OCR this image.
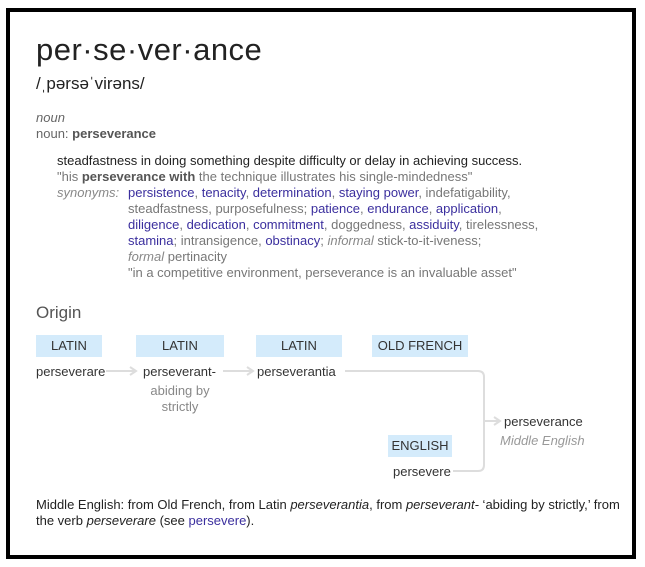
per·se·ver·ance
/ˌpərsəˈvirəns/
noun
noun: perseverance
steadfastness in doing something despite difficulty or delay in achieving success.
"his perseverance with the technique illustrates his single-mindedness"
synonyms: persistence, tenacity, determination, staying power, indefatigability,
steadfastness, purposefulness; patience, endurance, application,
diligence, dedication, commitment, doggedness, assiduity, tirelessness,
stamina; intransigence, obstinacy; informal stick-to-it-iveness;
formal pertinacity
"in a competitive environment, perseverance is an invaluable asset"
Origin
LATIN	LATIN	LATIN	OLD FRENCH
ENGLISH
perseverare	perseverant-
abiding by
strictly
perseverantia
persevere
perseverance
Middle English
Middle English: from Old French, from Latin perseverantia, from perseverant- ‘abiding by strictly,’ from the verb perseverare (see persevere).
